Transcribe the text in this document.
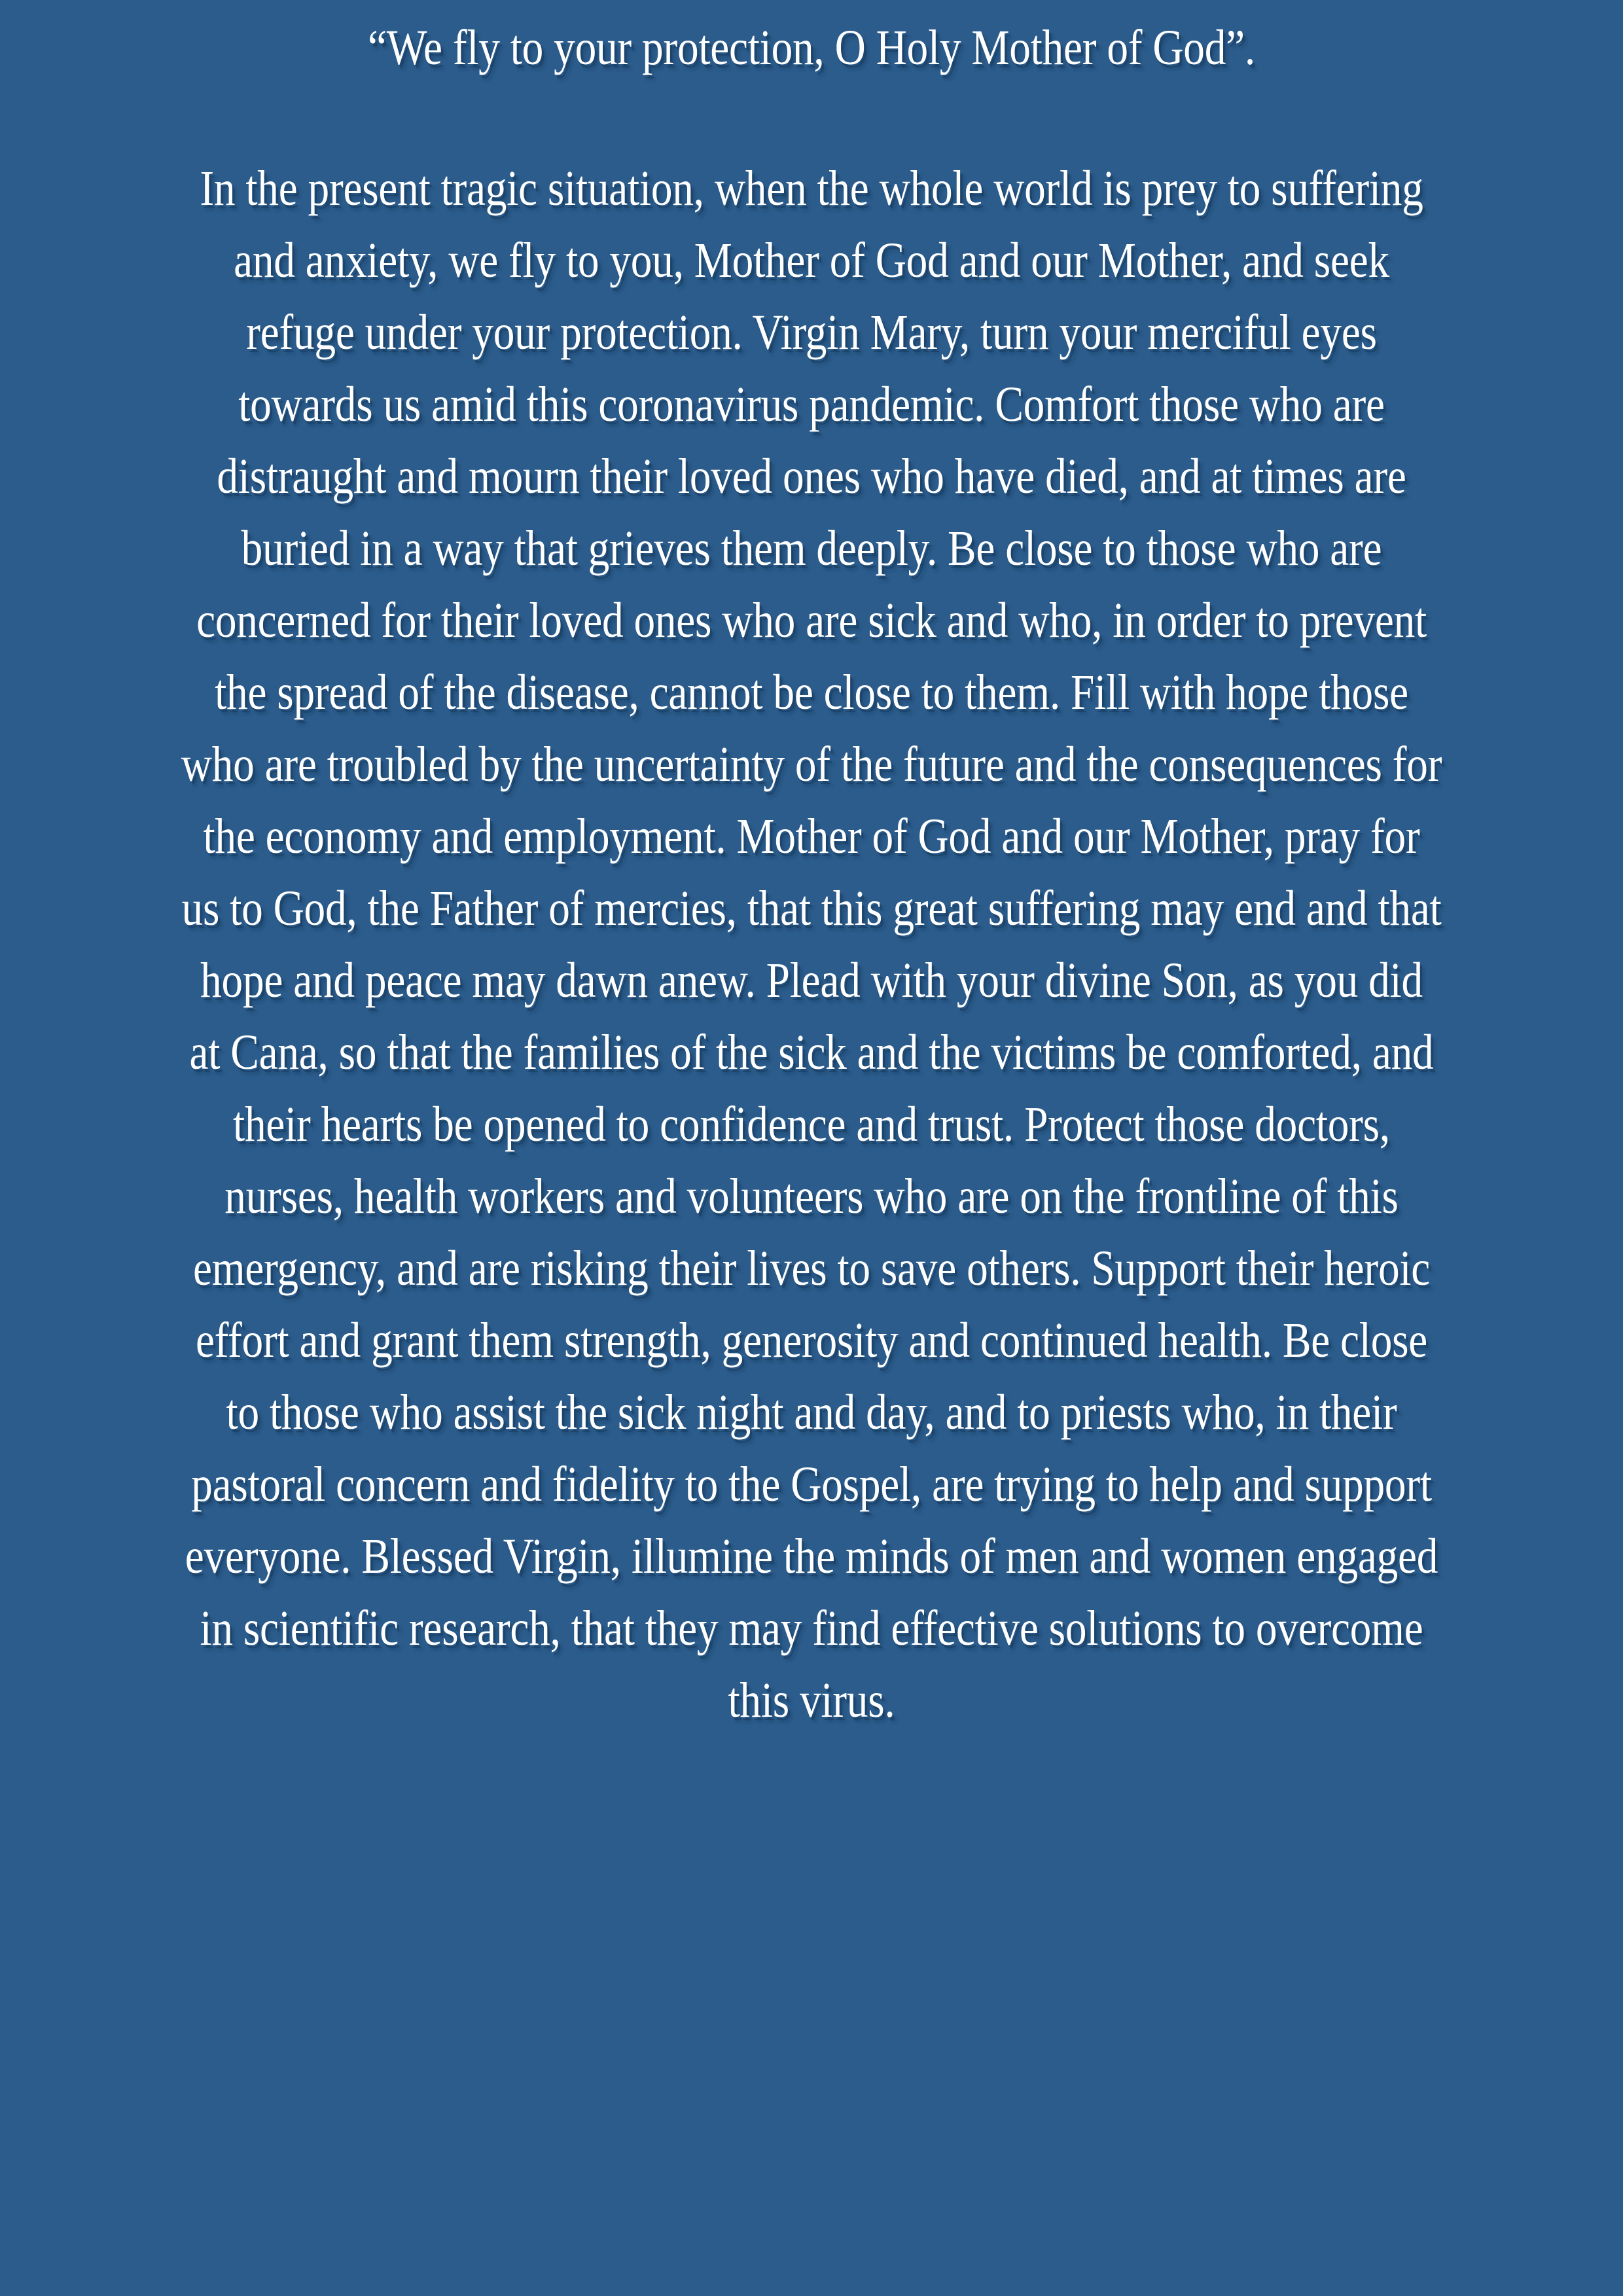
“We fly to your protection, O Holy Mother of God”.

In the present tragic situation, when the whole world is prey to suffering and anxiety, we fly to you, Mother of God and our Mother, and seek refuge under your protection. Virgin Mary, turn your merciful eyes towards us amid this coronavirus pandemic. Comfort those who are distraught and mourn their loved ones who have died, and at times are buried in a way that grieves them deeply. Be close to those who are concerned for their loved ones who are sick and who, in order to prevent the spread of the disease, cannot be close to them. Fill with hope those who are troubled by the uncertainty of the future and the consequences for the economy and employment. Mother of God and our Mother, pray for us to God, the Father of mercies, that this great suffering may end and that hope and peace may dawn anew. Plead with your divine Son, as you did at Cana, so that the families of the sick and the victims be comforted, and their hearts be opened to confidence and trust. Protect those doctors, nurses, health workers and volunteers who are on the frontline of this emergency, and are risking their lives to save others. Support their heroic effort and grant them strength, generosity and continued health. Be close to those who assist the sick night and day, and to priests who, in their pastoral concern and fidelity to the Gospel, are trying to help and support everyone. Blessed Virgin, illumine the minds of men and women engaged in scientific research, that they may find effective solutions to overcome this virus.
